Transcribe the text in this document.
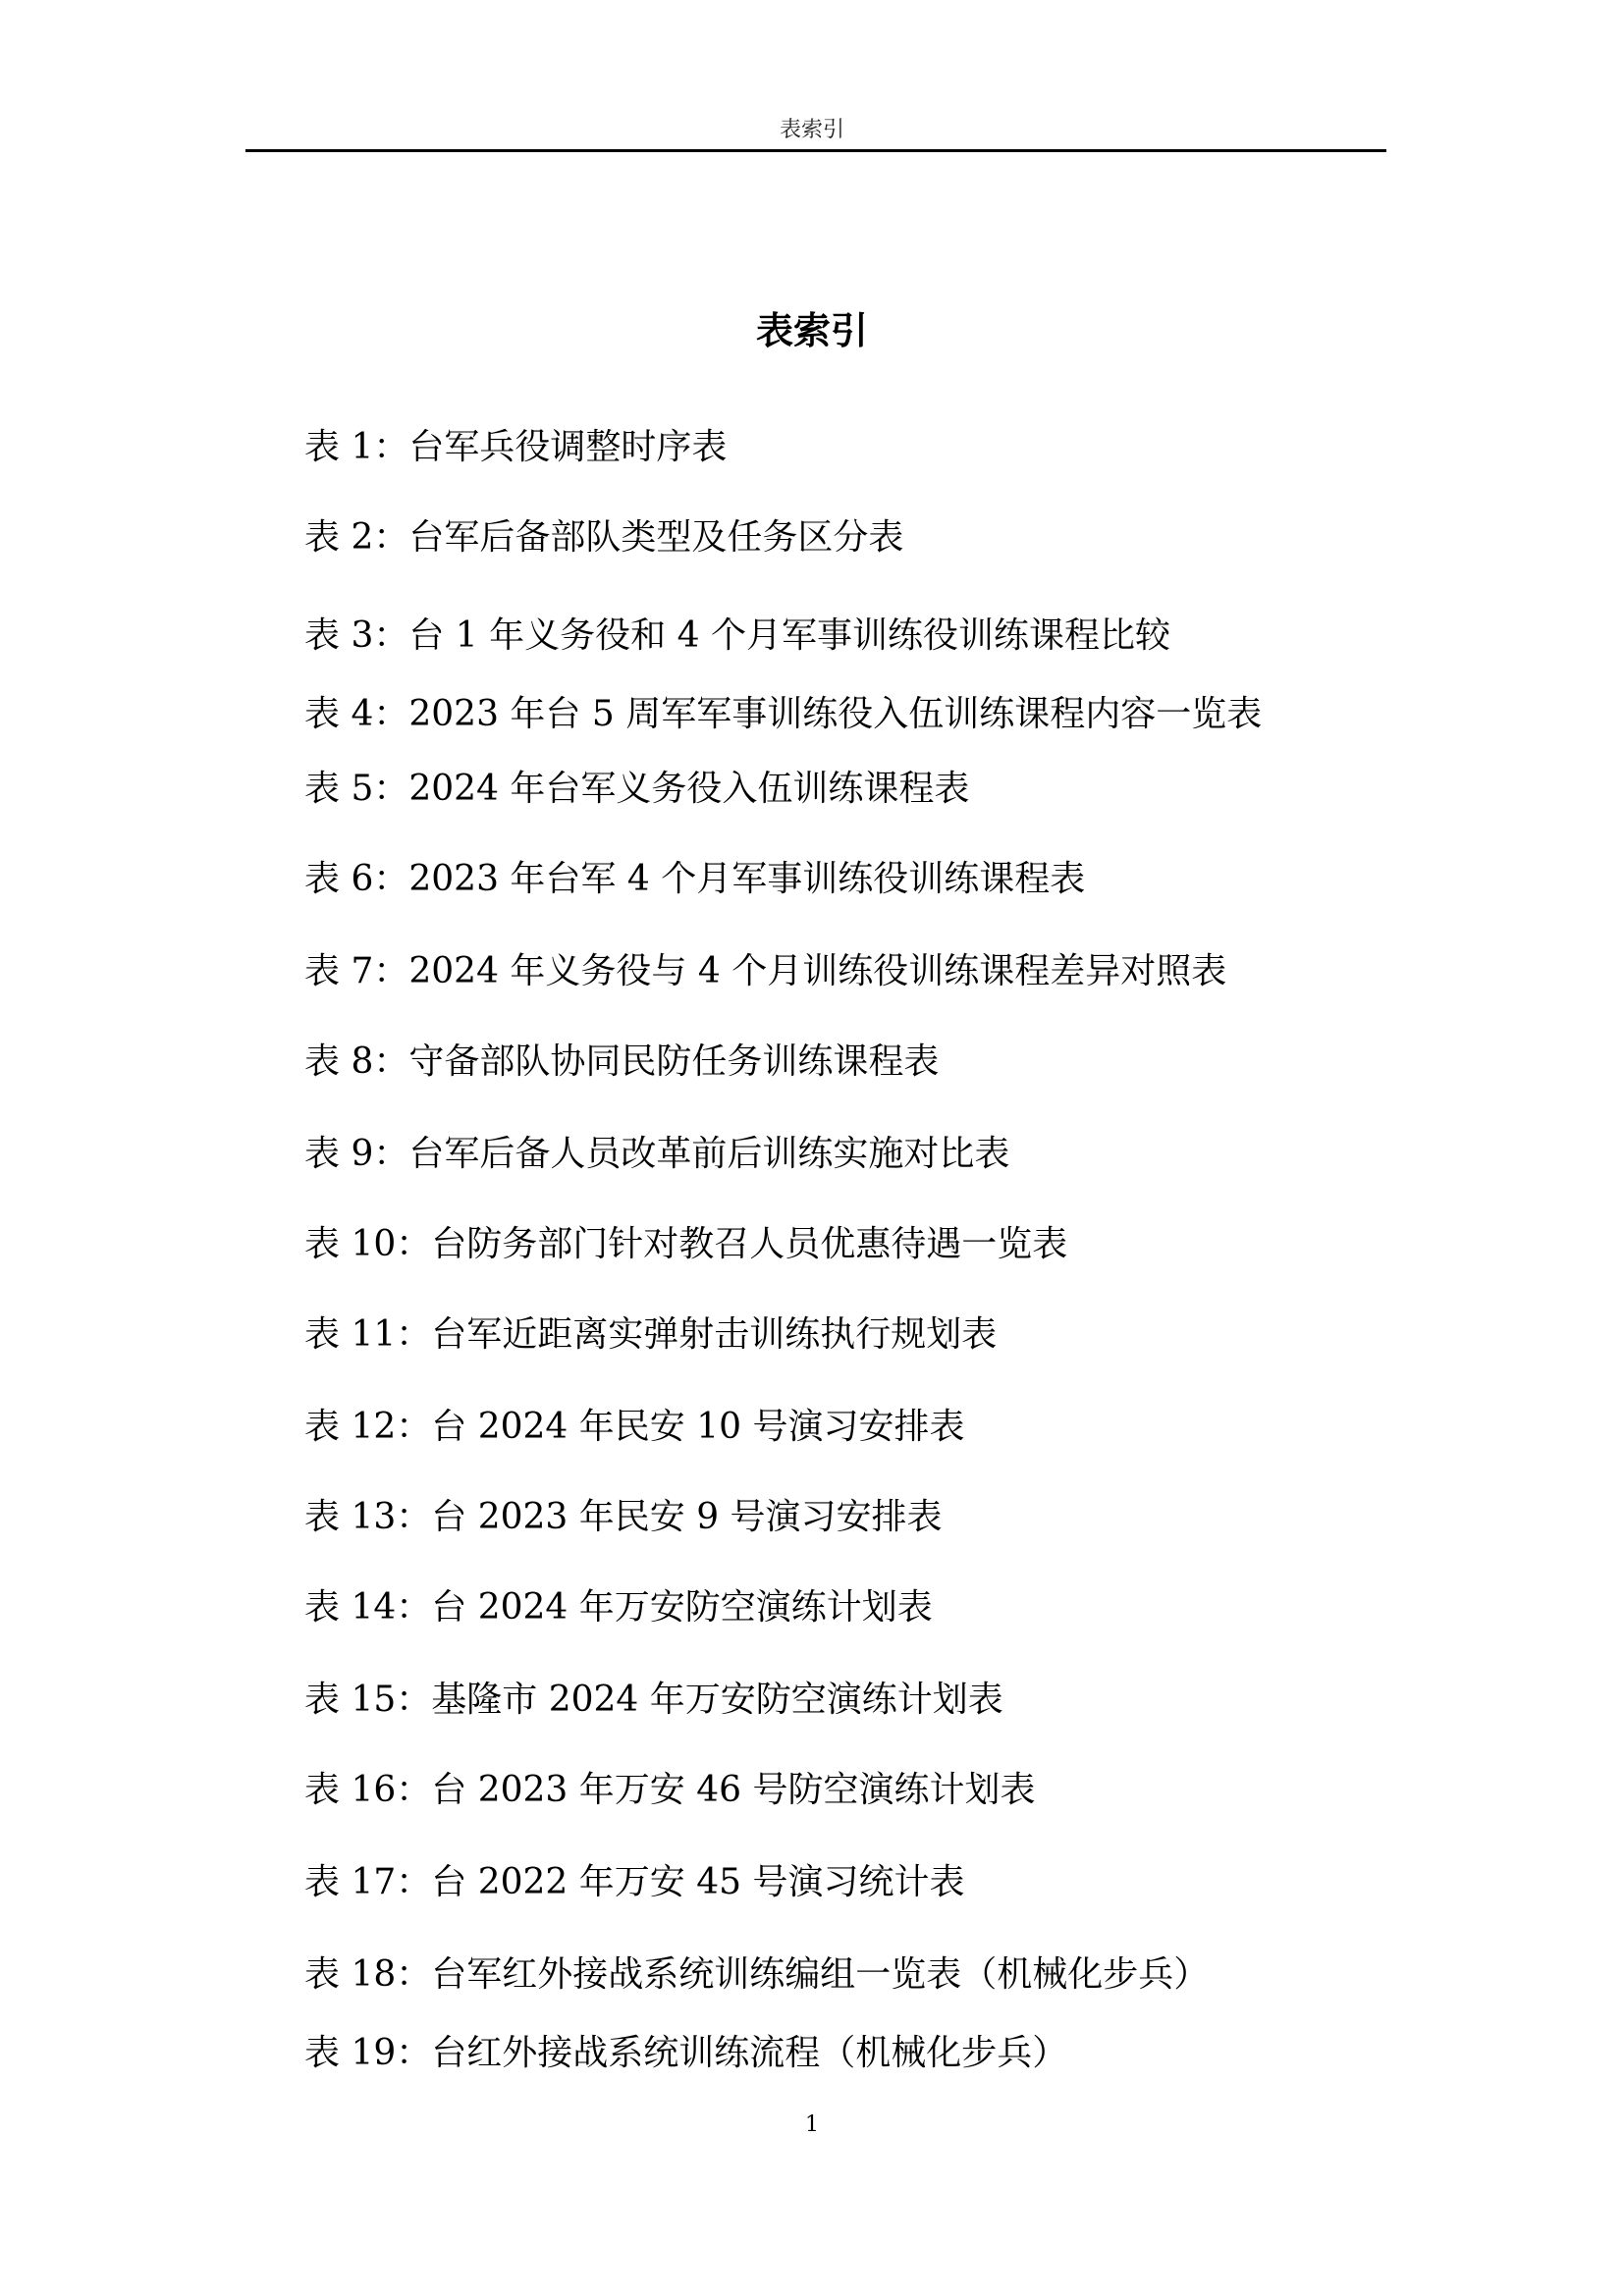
表索引
表索引
表 1：台军兵役调整时序表
表 2：台军后备部队类型及任务区分表
表 3：台 1 年义务役和 4 个月军事训练役训练课程比较
表 4：2023 年台 5 周军军事训练役入伍训练课程内容一览表
表 5：2024 年台军义务役入伍训练课程表
表 6：2023 年台军 4 个月军事训练役训练课程表
表 7：2024 年义务役与 4 个月训练役训练课程差异对照表
表 8：守备部队协同民防任务训练课程表
表 9：台军后备人员改革前后训练实施对比表
表 10：台防务部门针对教召人员优惠待遇一览表
表 11：台军近距离实弹射击训练执行规划表
表 12：台 2024 年民安 10 号演习安排表
表 13：台 2023 年民安 9 号演习安排表
表 14：台 2024 年万安防空演练计划表
表 15：基隆市 2024 年万安防空演练计划表
表 16：台 2023 年万安 46 号防空演练计划表
表 17：台 2022 年万安 45 号演习统计表
表 18：台军红外接战系统训练编组一览表（机械化步兵）
表 19：台红外接战系统训练流程（机械化步兵）
1
